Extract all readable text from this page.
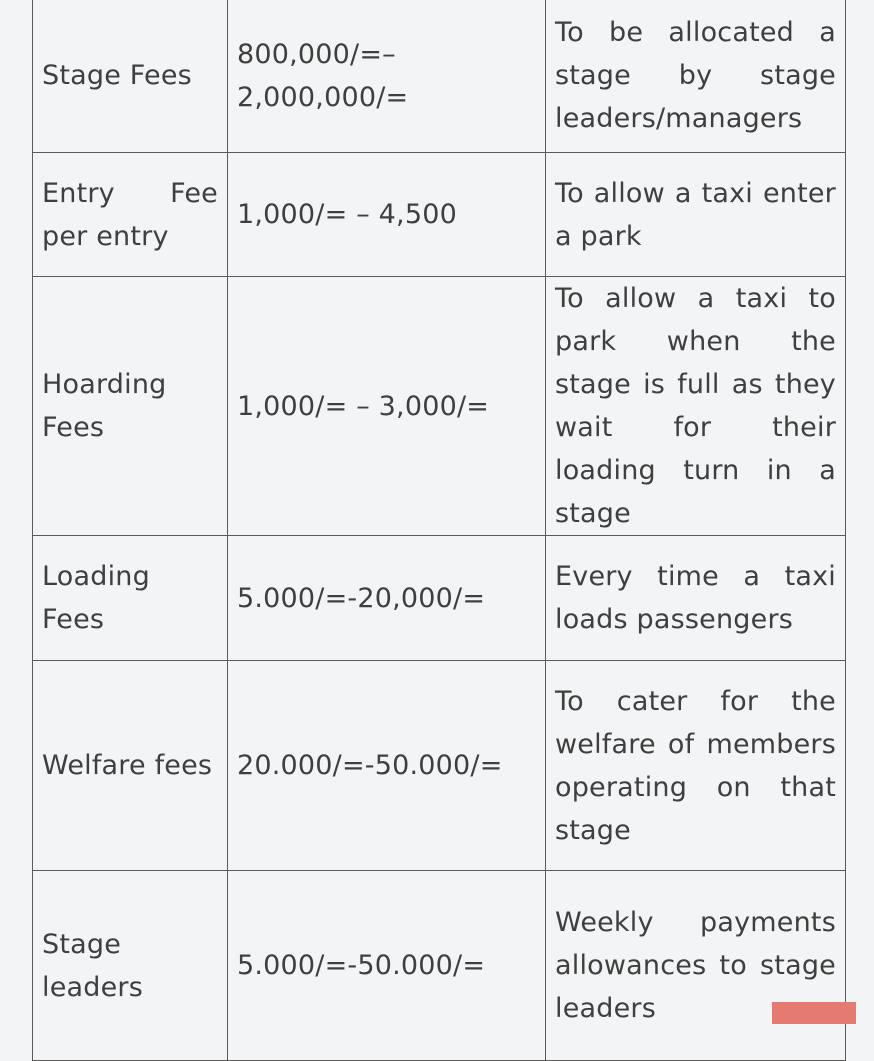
Stage Fees	800,000/=– 2,000,000/=	To be allocated a stage by stage leaders/managers
Entry Fee per entry	1,000/= – 4,500	To allow a taxi enter a park
Hoarding Fees	1,000/= – 3,000/=	To allow a taxi to park when the stage is full as they wait for their loading turn in a stage
Loading Fees	5.000/=-20,000/=	Every time a taxi loads passengers
Welfare fees	20.000/=-50.000/=	To cater for the welfare of members operating on that stage
Stage leaders	5.000/=-50.000/=	Weekly payments allowances to stage leaders
